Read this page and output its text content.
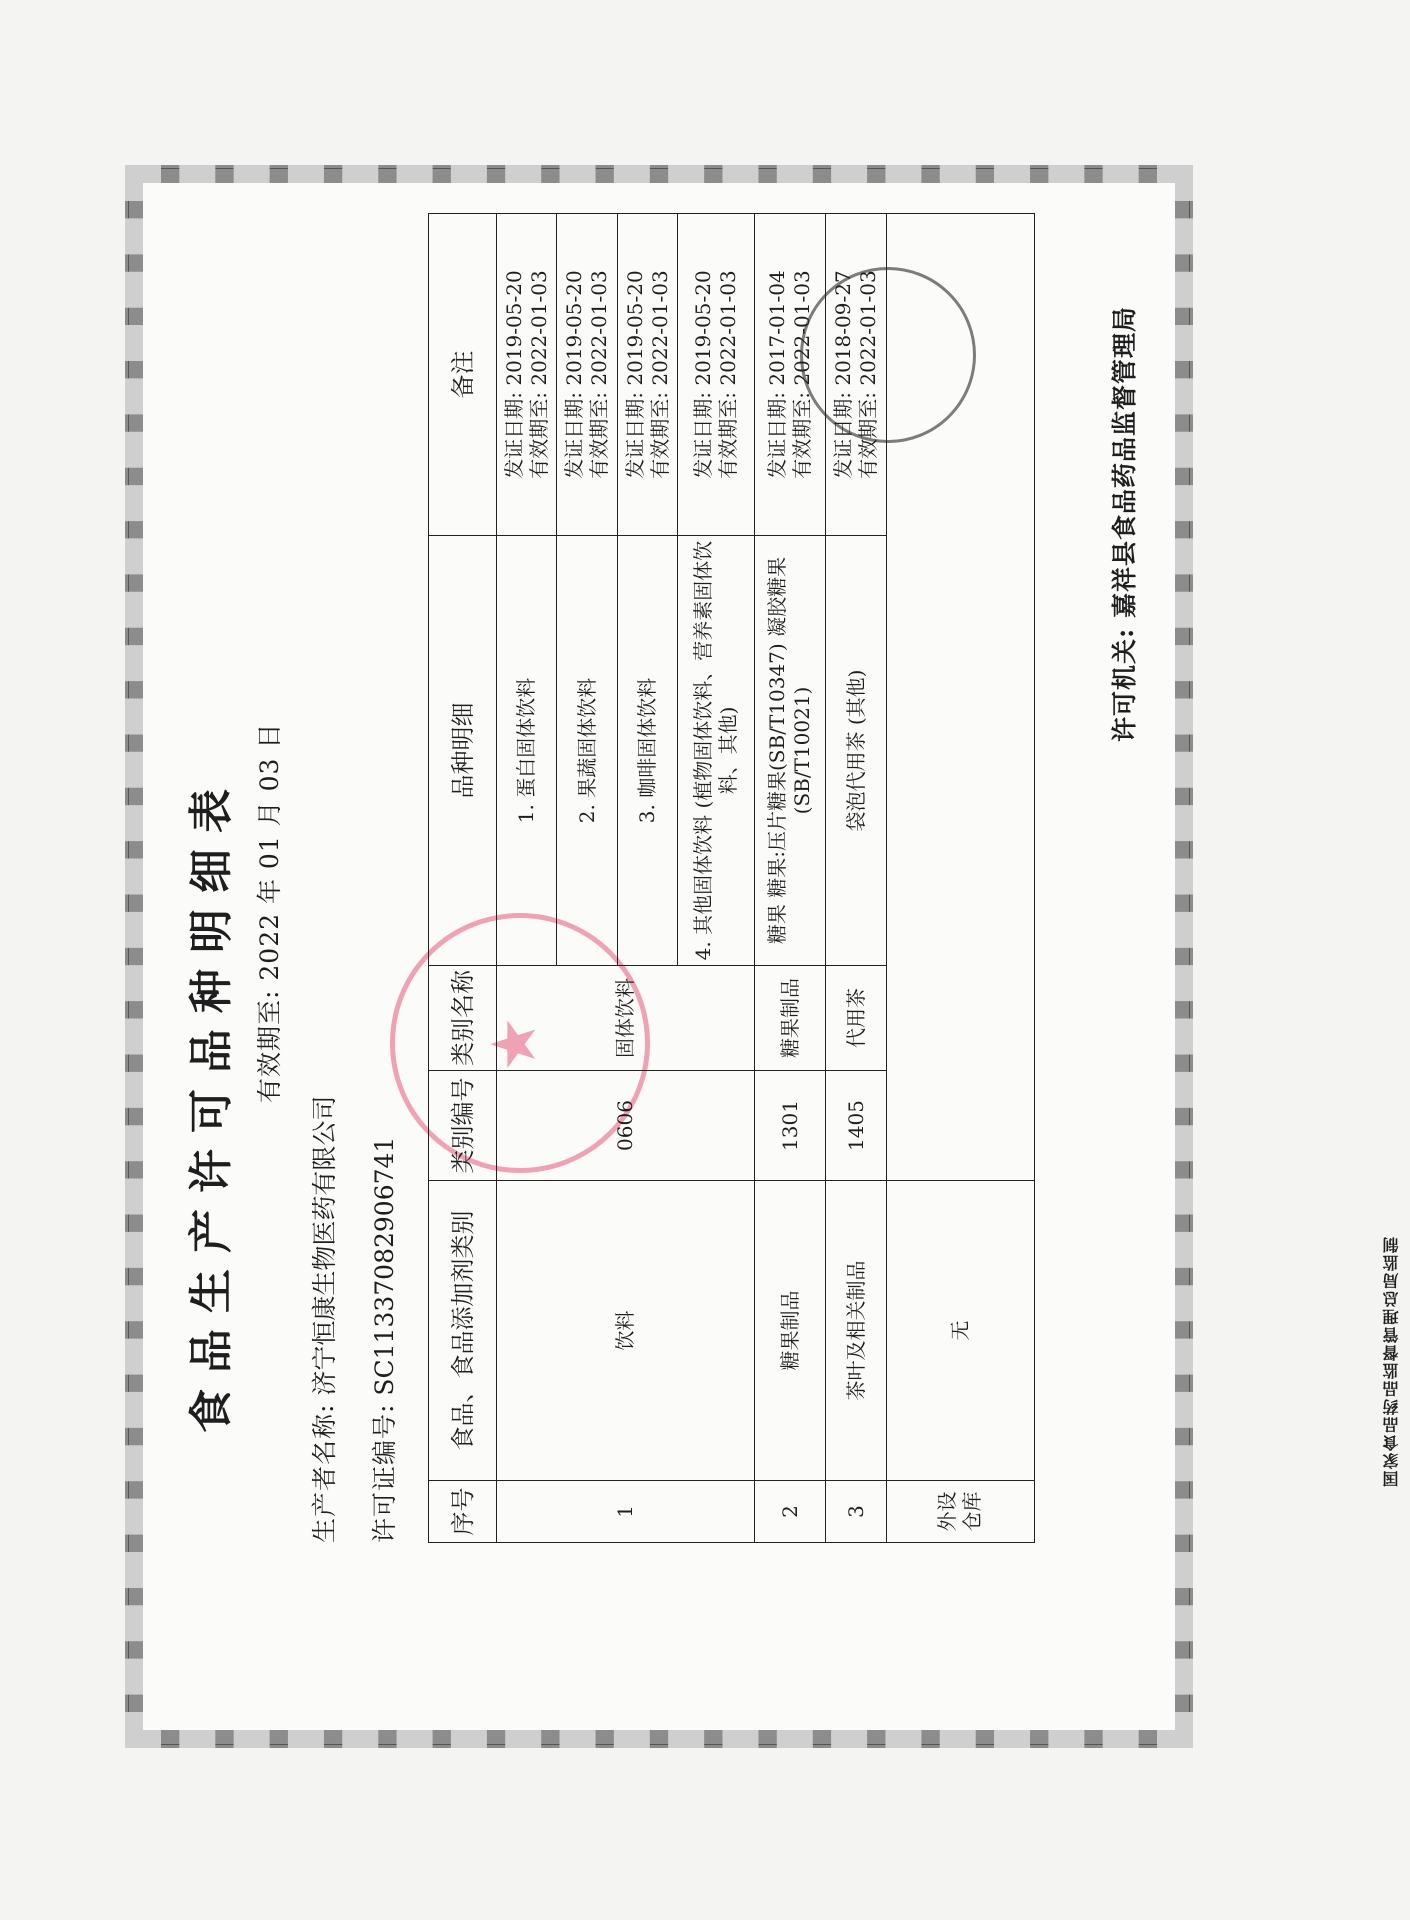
食品生产许可品种明细表 有效期至: 2022 年 01 月 03 日
生产者名称: 济宁恒康生物医药有限公司
许可证编号: SC11337082906741
★
序号	食品、食品添加剂类别	类别编号	类别名称	品种明细	备注
1	饮料	0606	固体饮料	1. 蛋白固体饮料	发证日期: 2019-05-20 有效期至: 2022-01-03

				2. 果蔬固体饮料	发证日期: 2019-05-20 有效期至: 2022-01-03

				3. 咖啡固体饮料	发证日期: 2019-05-20 有效期至: 2022-01-03

				4. 其他固体饮料 (植物固体饮料、营养素固体饮料、其他)	发证日期: 2019-05-20 有效期至: 2022-01-03

2	糖果制品	1301	糖果制品	糖果 糖果:压片糖果(SB/T10347) 凝胶糖果(SB/T10021)	发证日期: 2017-01-04 有效期至: 2022-01-03

3	茶叶及相关制品	1405	代用茶	袋泡代用茶 (其他)	发证日期: 2018-09-27 有效期至: 2022-01-03

外设仓库	无				
许可机关: 嘉祥县食品药品监督管理局
国家食品药品监督管理总局监制
